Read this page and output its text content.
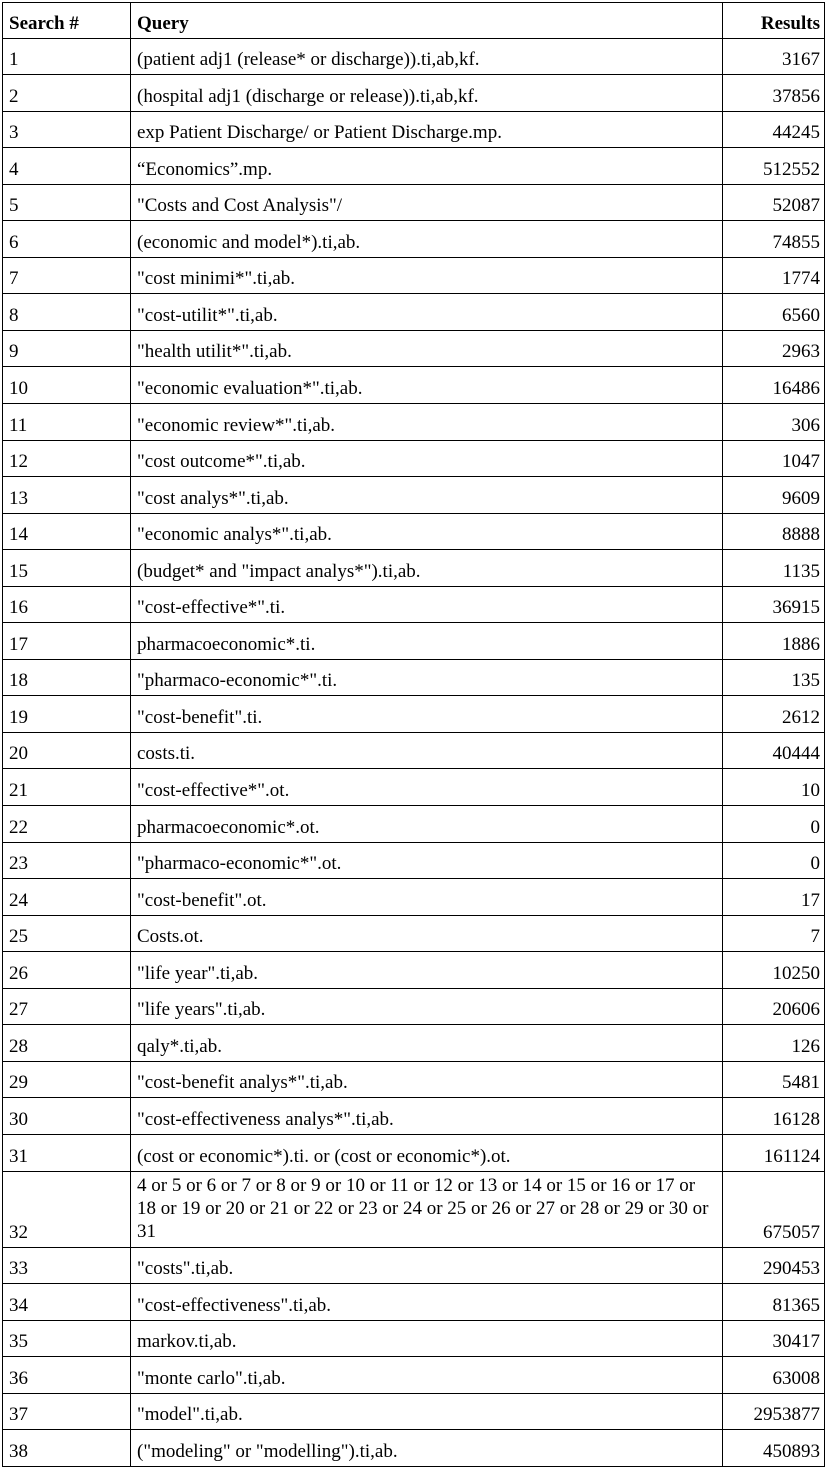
Search #	Query	Results
1	(patient adj1 (release* or discharge)).ti,ab,kf.	3167
2	(hospital adj1 (discharge or release)).ti,ab,kf.	37856
3	exp Patient Discharge/ or Patient Discharge.mp.	44245
4	“Economics”.mp.	512552
5	"Costs and Cost Analysis"/	52087
6	(economic and model*).ti,ab.	74855
7	"cost minimi*".ti,ab.	1774
8	"cost-utilit*".ti,ab.	6560
9	"health utilit*".ti,ab.	2963
10	"economic evaluation*".ti,ab.	16486
11	"economic review*".ti,ab.	306
12	"cost outcome*".ti,ab.	1047
13	"cost analys*".ti,ab.	9609
14	"economic analys*".ti,ab.	8888
15	(budget* and "impact analys*").ti,ab.	1135
16	"cost-effective*".ti.	36915
17	pharmacoeconomic*.ti.	1886
18	"pharmaco-economic*".ti.	135
19	"cost-benefit".ti.	2612
20	costs.ti.	40444
21	"cost-effective*".ot.	10
22	pharmacoeconomic*.ot.	0
23	"pharmaco-economic*".ot.	0
24	"cost-benefit".ot.	17
25	Costs.ot.	7
26	"life year".ti,ab.	10250
27	"life years".ti,ab.	20606
28	qaly*.ti,ab.	126
29	"cost-benefit analys*".ti,ab.	5481
30	"cost-effectiveness analys*".ti,ab.	16128
31	(cost or economic*).ti. or (cost or economic*).ot.	161124
32	4 or 5 or 6 or 7 or 8 or 9 or 10 or 11 or 12 or 13 or 14 or 15 or 16 or 17 or 18 or 19 or 20 or 21 or 22 or 23 or 24 or 25 or 26 or 27 or 28 or 29 or 30 or 31	675057
33	"costs".ti,ab.	290453
34	"cost-effectiveness".ti,ab.	81365
35	markov.ti,ab.	30417
36	"monte carlo".ti,ab.	63008
37	"model".ti,ab.	2953877
38	("modeling" or "modelling").ti,ab.	450893
